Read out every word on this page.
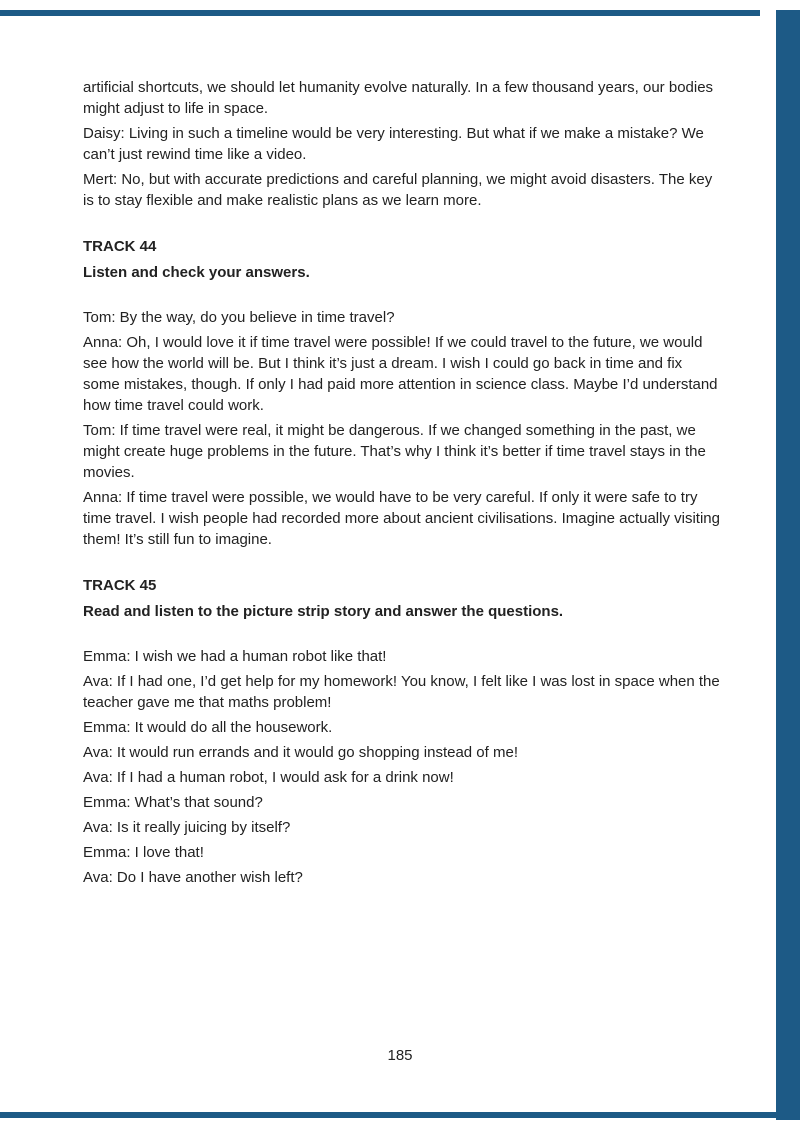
artificial shortcuts, we should let humanity evolve naturally. In a few thousand years, our bodies might adjust to life in space.

Daisy: Living in such a timeline would be very interesting. But what if we make a mistake? We can’t just rewind time like a video.

Mert: No, but with accurate predictions and careful planning, we might avoid disasters. The key is to stay flexible and make realistic plans as we learn more.

TRACK 44
Listen and check your answers.

Tom: By the way, do you believe in time travel?

Anna: Oh, I would love it if time travel were possible! If we could travel to the future, we would see how the world will be. But I think it’s just a dream. I wish I could go back in time and fix some mistakes, though. If only I had paid more attention in science class. Maybe I’d understand how time travel could work.

Tom: If time travel were real, it might be dangerous. If we changed something in the past, we might create huge problems in the future. That’s why I think it’s better if time travel stays in the movies.

Anna: If time travel were possible, we would have to be very careful. If only it were safe to try time travel. I wish people had recorded more about ancient civilisations. Imagine actually visiting them! It’s still fun to imagine.

TRACK 45
Read and listen to the picture strip story and answer the questions.

Emma: I wish we had a human robot like that!

Ava: If I had one, I’d get help for my homework! You know, I felt like I was lost in space when the teacher gave me that maths problem!

Emma: It would do all the housework.

Ava: It would run errands and it would go shopping instead of me!

Ava: If I had a human robot, I would ask for a drink now!

Emma: What’s that sound?

Ava: Is it really juicing by itself?

Emma: I love that!

Ava: Do I have another wish left?

185
